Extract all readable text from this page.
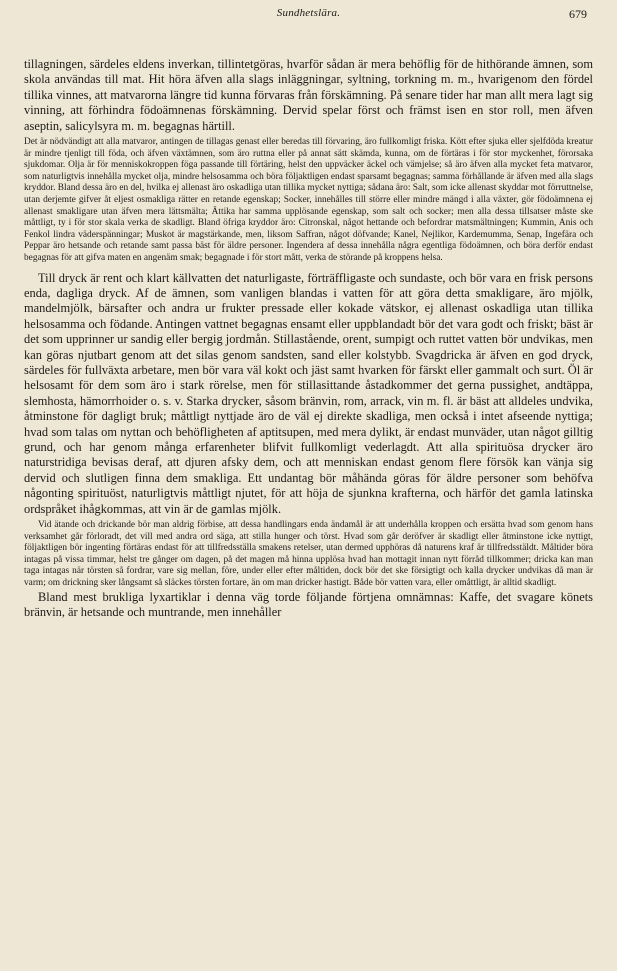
Sundhetslära.	679

tillagningen, särdeles eldens inverkan, tillintetgöras, hvarför sådan är mera behöflig för de hithörande ämnen, som skola användas till mat. Hit höra äfven alla slags inläggningar, syltning, torkning m. m., hvarigenom den fördel tillika vinnes, att matvarorna längre tid kunna förvaras från förskämning. På senare tider har man allt mera lagt sig vinning, att förhindra födoämnenas förskämning. Dervid spelar först och främst isen en stor roll, men äfven aseptin, salicylsyra m. m. begagnas härtill.

Det är nödvändigt att alla matvaror, antingen de tillagas genast eller beredas till förvaring, äro fullkomligt friska. Kött efter sjuka eller sjelfdöda kreatur är mindre tjenligt till föda, och äfven växtämnen, som äro ruttna eller på annat sätt skämda, kunna, om de förtäras i för stor myckenhet, förorsaka sjukdomar. Olja är för menniskokroppen föga passande till förtäring, helst den uppväcker äckel och vämjelse; så äro äfven alla mycket feta matvaror, som naturligtvis innehålla mycket olja, mindre helsosamma och böra följaktligen endast sparsamt begagnas; samma förhållande är äfven med alla slags kryddor. Bland dessa äro en del, hvilka ej allenast äro oskadliga utan tillika mycket nyttiga; sådana äro: Salt, som icke allenast skyddar mot förruttnelse, utan derjemte gifver åt eljest osmakliga rätter en retande egenskap; Socker, innehålles till större eller mindre mängd i alla växter, gör födoämnena ej allenast smakligare utan äfven mera lättsmälta; Ättika har samma upplösande egenskap, som salt och socker; men alla dessa tillsatser måste ske måttligt, ty i för stor skala verka de skadligt. Bland öfriga kryddor äro: Citronskal, något hettande och befordrar matsmältningen; Kummin, Anis och Fenkol lindra väderspänningar; Muskot är magstärkande, men, liksom Saffran, något döfvande; Kanel, Nejlikor, Kardemumma, Senap, Ingefära och Peppar äro hetsande och retande samt passa bäst för äldre personer. Ingendera af dessa innehålla några egentliga födoämnen, och böra derför endast begagnas för att gifva maten en angenäm smak; begagnade i för stort mått, verka de störande på kroppens helsa.

Till dryck är rent och klart källvatten det naturligaste, förträffligaste och sundaste, och bör vara en frisk persons enda, dagliga dryck. Af de ämnen, som vanligen blandas i vatten för att göra detta smakligare, äro mjölk, mandelmjölk, bärsafter och andra ur frukter pressade eller kokade vätskor, ej allenast oskadliga utan tillika helsosamma och födande. Antingen vattnet begagnas ensamt eller uppblandadt bör det vara godt och friskt; bäst är det som upprinner ur sandig eller bergig jordmån. Stillastående, orent, sumpigt och ruttet vatten bör undvikas, men kan göras njutbart genom att det silas genom sandsten, sand eller kolstybb. Svagdricka är äfven en god dryck, särdeles för fullväxta arbetare, men bör vara väl kokt och jäst samt hvarken för färskt eller gammalt och surt. Öl är helsosamt för dem som äro i stark rörelse, men för stillasittande åstadkommer det gerna pussighet, andtäppa, slemhosta, hämorrhoider o. s. v. Starka drycker, såsom bränvin, rom, arrack, vin m. fl. är bäst att alldeles undvika, åtminstone för dagligt bruk; måttligt nyttjade äro de väl ej direkte skadliga, men också i intet afseende nyttiga; hvad som talas om nyttan och behöfligheten af aptitsupen, med mera dylikt, är endast munväder, utan något gilltig grund, och har genom många erfarenheter blifvit fullkomligt vederlagdt. Att alla spirituösa drycker äro naturstridiga bevisas deraf, att djuren afsky dem, och att menniskan endast genom flere försök kan vänja sig dervid och slutligen finna dem smakliga. Ett undantag bör måhända göras för äldre personer som behöfva någonting spirituöst, naturligtvis måttligt njutet, för att höja de sjunkna krafterna, och härför det gamla latinska ordspråket ihågkommas, att vin är de gamlas mjölk.

Vid ätande och drickande bör man aldrig förbise, att dessa handlingars enda ändamål är att underhålla kroppen och ersätta hvad som genom hans verksamhet går förloradt, det vill med andra ord säga, att stilla hunger och törst. Hvad som går deröfver är skadligt eller åtminstone icke nyttigt, följaktligen bör ingenting förtäras endast för att tillfredsställa smakens retelser, utan dermed upphöras då naturens kraf är tillfredsstäldt. Måltider böra intagas på vissa timmar, helst tre gånger om dagen, på det magen må hinna upplösa hvad han mottagit innan nytt förråd tillkommer; dricka kan man taga intagas när törsten så fordrar, vare sig mellan, före, under eller efter måltiden, dock bör det ske försigtigt och kalla drycker undvikas då man är varm; om drickning sker långsamt så släckes törsten fortare, än om man dricker hastigt. Både bör vatten vara, eller omåttligt, är alltid skadligt.

Bland mest brukliga lyxartiklar i denna väg torde följande förtjena omnämnas: Kaffe, det svagare könets bränvin, är hetsande och muntrande, men innehåller
